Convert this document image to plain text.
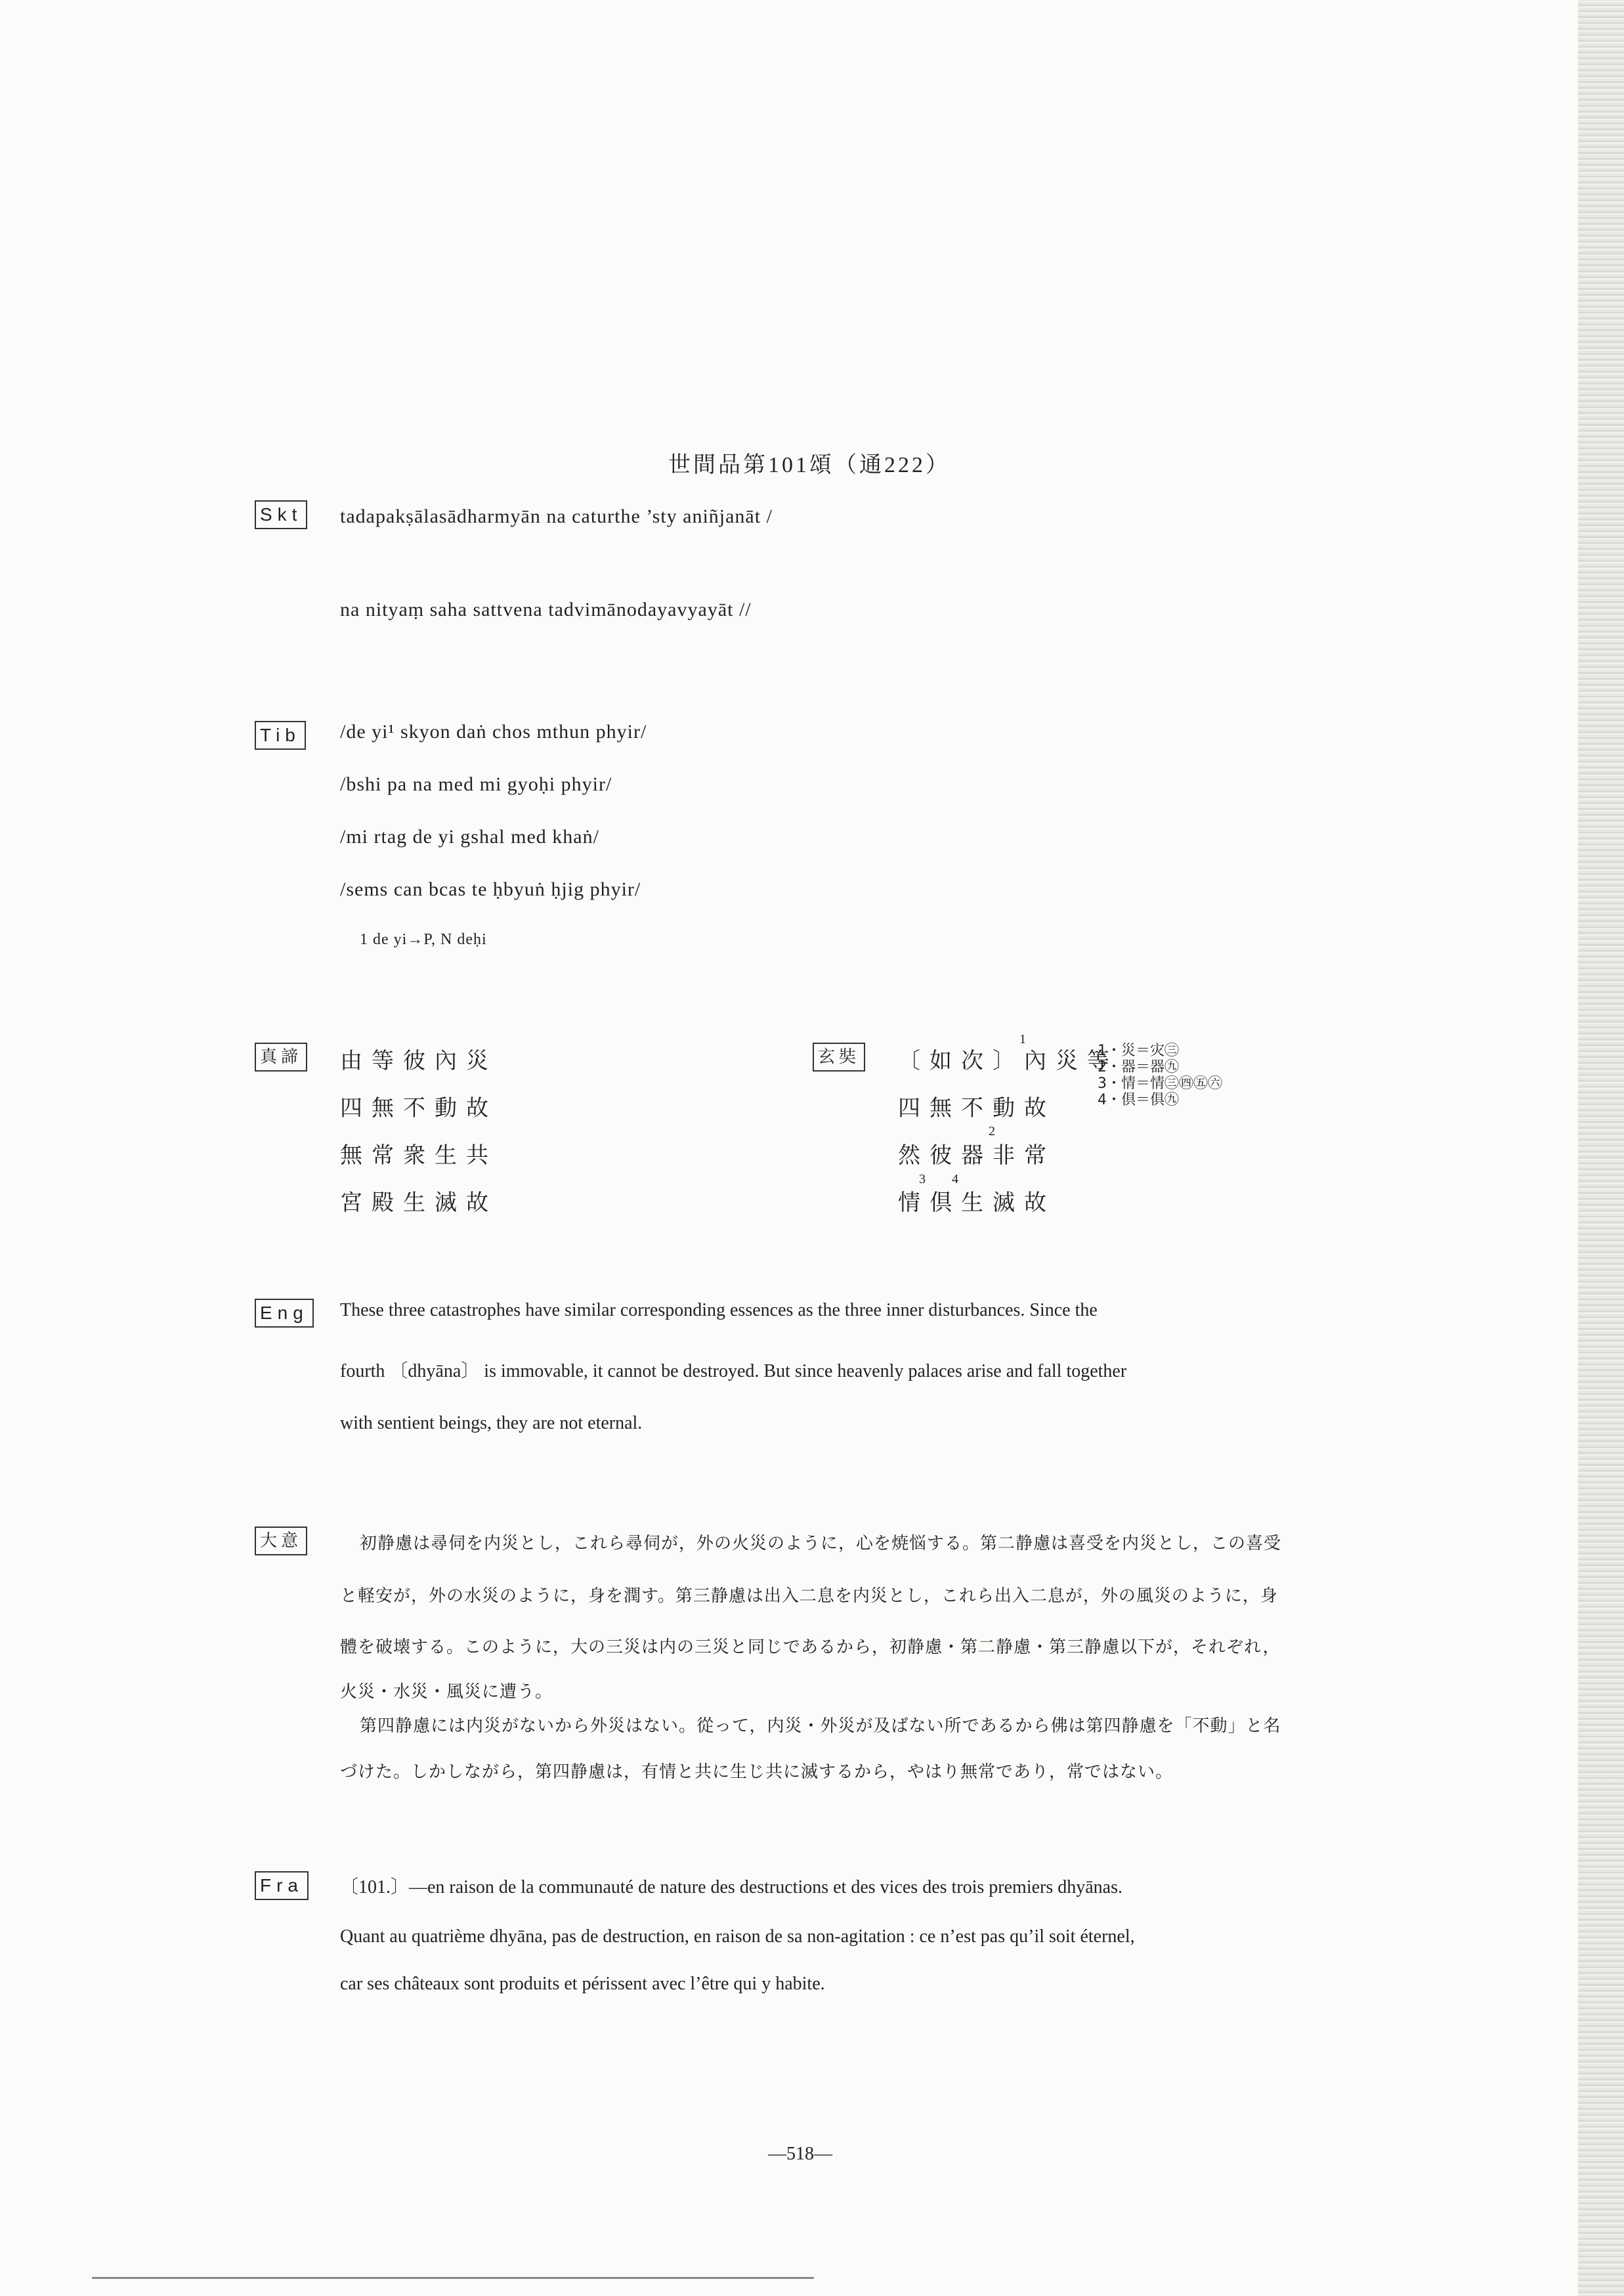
世間品第101頌（通222）
Skt tadapakṣālasādharmyān na caturthe ’sty aniñjanāt /
na nityaṃ saha sattvena tadvimānodayavyayāt //
Tib /de yi¹ skyon daṅ chos mthun phyir/
/bshi pa na med mi gyoḥi phyir/
/mi rtag de yi gshal med khaṅ/
/sems can bcas te ḥbyuṅ ḥjig phyir/
1 de yi→P, N deḥi
真諦 由等彼內災
四無不動故
無常衆生共
宮殿生滅故
玄奘 〔如次〕內災等
四無不動故
然彼器非常
情倶生滅故
1
2
3 4
1・災＝灾㊂
2・器＝器㊈
3・情＝情㊂㊃㊄㊅
4・倶＝俱㊈
Eng These three catastrophes have similar corresponding essences as the three inner disturbances. Since the
fourth 〔dhyāna〕 is immovable, it cannot be destroyed. But since heavenly palaces arise and fall together
with sentient beings, they are not eternal.
大意	初静慮は尋伺を内災とし，これら尋伺が，外の火災のように，心を焼悩する。第二静慮は喜受を内災とし，この喜受
と軽安が，外の水災のように，身を潤す。第三静慮は出入二息を内災とし，これら出入二息が，外の風災のように，身
體を破壊する。このように，大の三災は内の三災と同じであるから，初静慮・第二静慮・第三静慮以下が，それぞれ，
火災・水災・風災に遭う。
第四静慮には内災がないから外災はない。從って，内災・外災が及ばない所であるから佛は第四静慮を「不動」と名
づけた。しかしながら，第四静慮は，有情と共に生じ共に滅するから，やはり無常であり，常ではない。
Fra 〔101.〕—en raison de la communauté de nature des destructions et des vices des trois premiers dhyānas.
Quant au quatrième dhyāna, pas de destruction, en raison de sa non-agitation : ce n’est pas qu’il soit éternel,
car ses châteaux sont produits et périssent avec l’être qui y habite.
—518—
